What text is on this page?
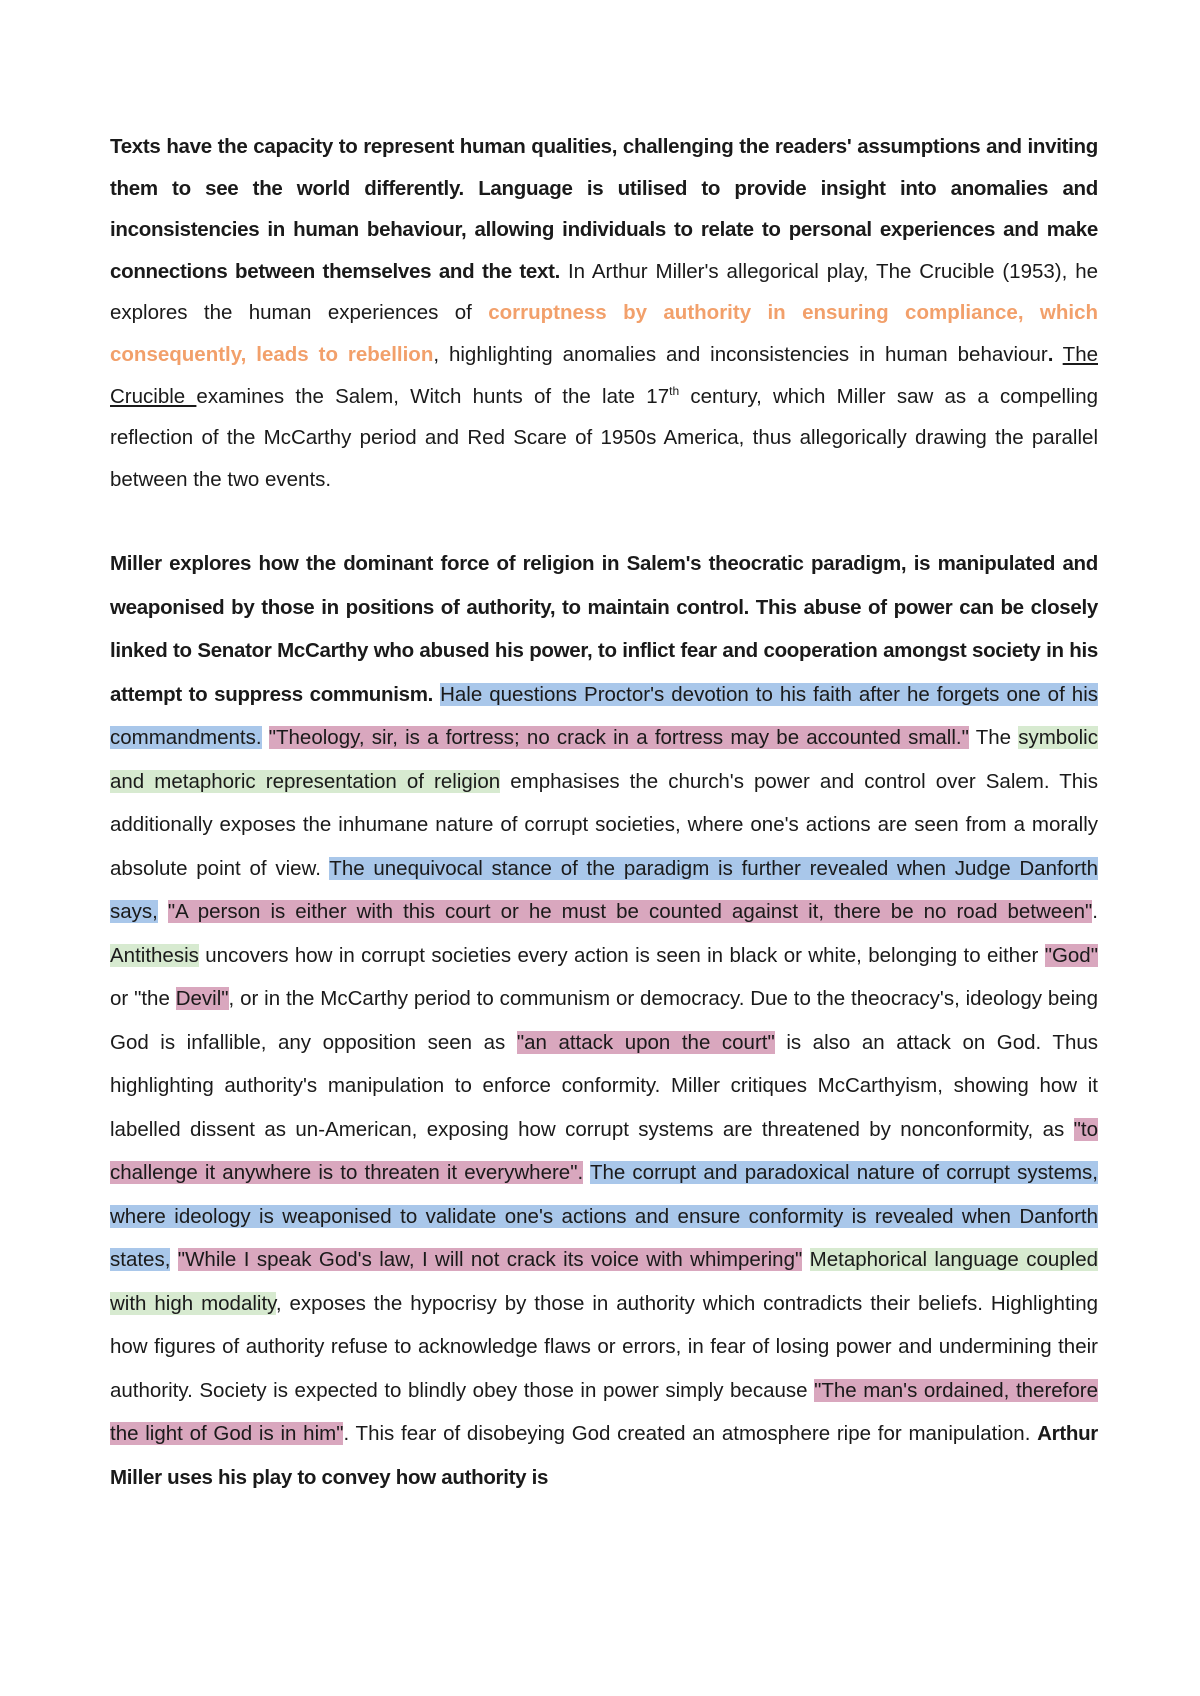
Texts have the capacity to represent human qualities, challenging the readers' assumptions and inviting them to see the world differently. Language is utilised to provide insight into anomalies and inconsistencies in human behaviour, allowing individuals to relate to personal experiences and make connections between themselves and the text. In Arthur Miller's allegorical play, The Crucible (1953), he explores the human experiences of corruptness by authority in ensuring compliance, which consequently, leads to rebellion, highlighting anomalies and inconsistencies in human behaviour. The Crucible examines the Salem, Witch hunts of the late 17th century, which Miller saw as a compelling reflection of the McCarthy period and Red Scare of 1950s America, thus allegorically drawing the parallel between the two events.

Miller explores how the dominant force of religion in Salem's theocratic paradigm, is manipulated and weaponised by those in positions of authority, to maintain control. This abuse of power can be closely linked to Senator McCarthy who abused his power, to inflict fear and cooperation amongst society in his attempt to suppress communism. Hale questions Proctor's devotion to his faith after he forgets one of his commandments. "Theology, sir, is a fortress; no crack in a fortress may be accounted small." The symbolic and metaphoric representation of religion emphasises the church's power and control over Salem. This additionally exposes the inhumane nature of corrupt societies, where one's actions are seen from a morally absolute point of view. The unequivocal stance of the paradigm is further revealed when Judge Danforth says, "A person is either with this court or he must be counted against it, there be no road between". Antithesis uncovers how in corrupt societies every action is seen in black or white, belonging to either "God" or "the Devil", or in the McCarthy period to communism or democracy. Due to the theocracy's, ideology being God is infallible, any opposition seen as "an attack upon the court" is also an attack on God. Thus highlighting authority's manipulation to enforce conformity. Miller critiques McCarthyism, showing how it labelled dissent as un-American, exposing how corrupt systems are threatened by nonconformity, as "to challenge it anywhere is to threaten it everywhere". The corrupt and paradoxical nature of corrupt systems, where ideology is weaponised to validate one's actions and ensure conformity is revealed when Danforth states, "While I speak God's law, I will not crack its voice with whimpering" Metaphorical language coupled with high modality, exposes the hypocrisy by those in authority which contradicts their beliefs. Highlighting how figures of authority refuse to acknowledge flaws or errors, in fear of losing power and undermining their authority. Society is expected to blindly obey those in power simply because "The man's ordained, therefore the light of God is in him". This fear of disobeying God created an atmosphere ripe for manipulation. Arthur Miller uses his play to convey how authority is
